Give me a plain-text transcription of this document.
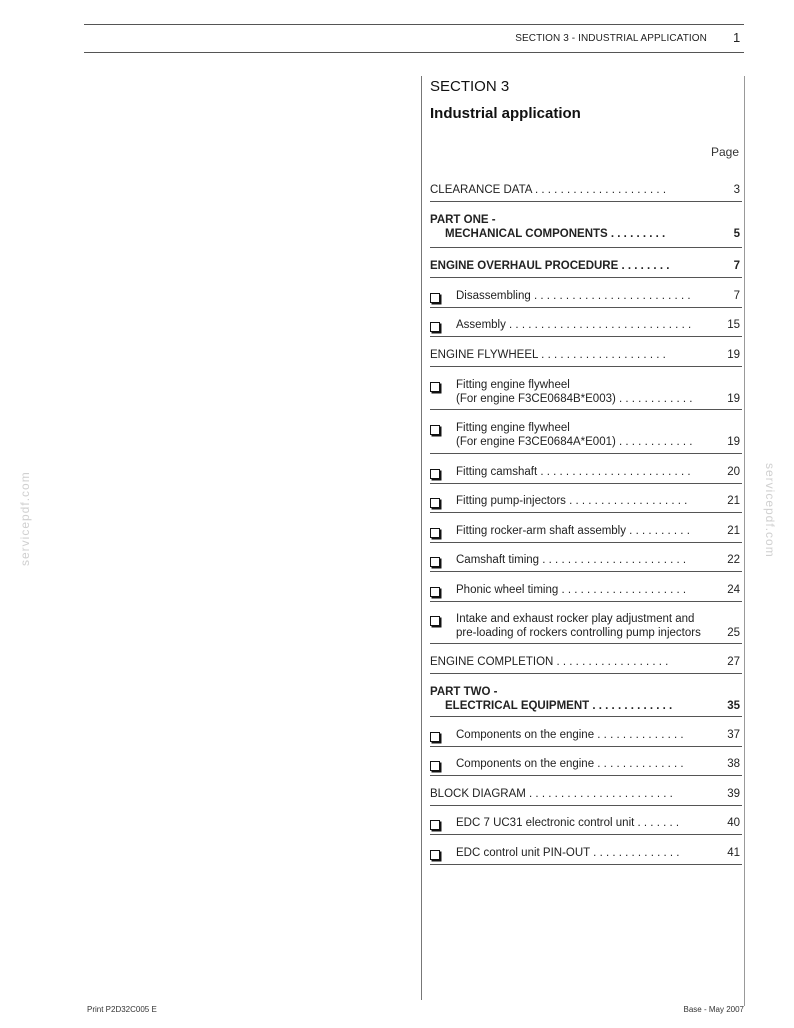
SECTION 3 - INDUSTRIAL APPLICATION 1
SECTION 3
Industrial application
Page
CLEARANCE DATA . . . . . . . . . . . . . . . . . . . . .	3
PART ONE -
MECHANICAL COMPONENTS . . . . . . . . .	5
ENGINE OVERHAUL PROCEDURE . . . . . . . .	7
Disassembling . . . . . . . . . . . . . . . . . . . . . . . . .	7
Assembly . . . . . . . . . . . . . . . . . . . . . . . . . . . . .	15
ENGINE FLYWHEEL . . . . . . . . . . . . . . . . . . . .	19
Fitting engine flywheel
(For engine F3CE0684B*E003) . . . . . . . . . . . .	19
Fitting engine flywheel
(For engine F3CE0684A*E001) . . . . . . . . . . . .	19
Fitting camshaft . . . . . . . . . . . . . . . . . . . . . . . .	20
Fitting pump-injectors . . . . . . . . . . . . . . . . . . .	21
Fitting rocker-arm shaft assembly . . . . . . . . . .	21
Camshaft timing . . . . . . . . . . . . . . . . . . . . . . .	22
Phonic wheel timing . . . . . . . . . . . . . . . . . . . .	24
Intake and exhaust rocker play adjustment and
pre-loading of rockers controlling pump injectors 25
ENGINE COMPLETION . . . . . . . . . . . . . . . . . .	27
PART TWO -
ELECTRICAL EQUIPMENT . . . . . . . . . . . . .	35
Components on the engine . . . . . . . . . . . . . .	37
Components on the engine . . . . . . . . . . . . . .	38
BLOCK DIAGRAM . . . . . . . . . . . . . . . . . . . . . . .	39
EDC 7 UC31 electronic control unit . . . . . . .	40
EDC control unit PIN-OUT . . . . . . . . . . . . . .	41
servicepdf.com	servicepdf.com
Print P2D32C005 E	Base - May 2007
